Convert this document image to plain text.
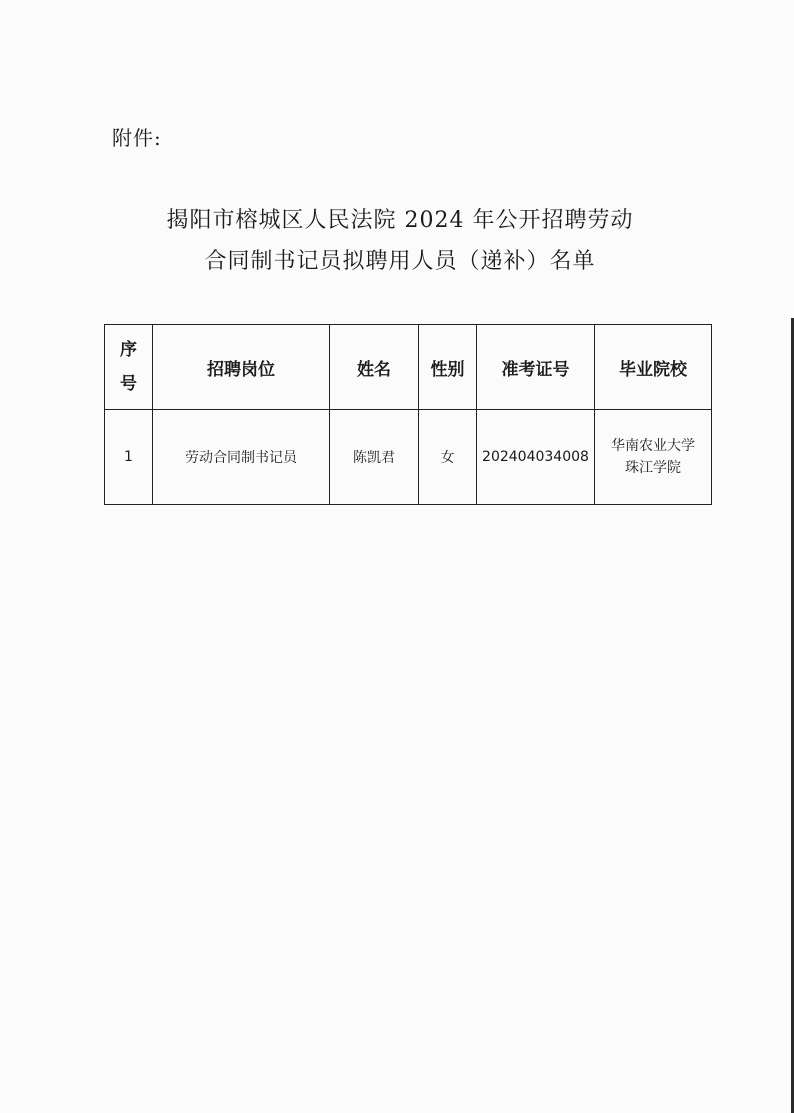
附件:
揭阳市榕城区人民法院 2024 年公开招聘劳动
合同制书记员拟聘用人员（递补）名单
序
号	招聘岗位	姓名	性别	准考证号	毕业院校
1	劳动合同制书记员	陈凯君	女	202404034008	华南农业大学
珠江学院
